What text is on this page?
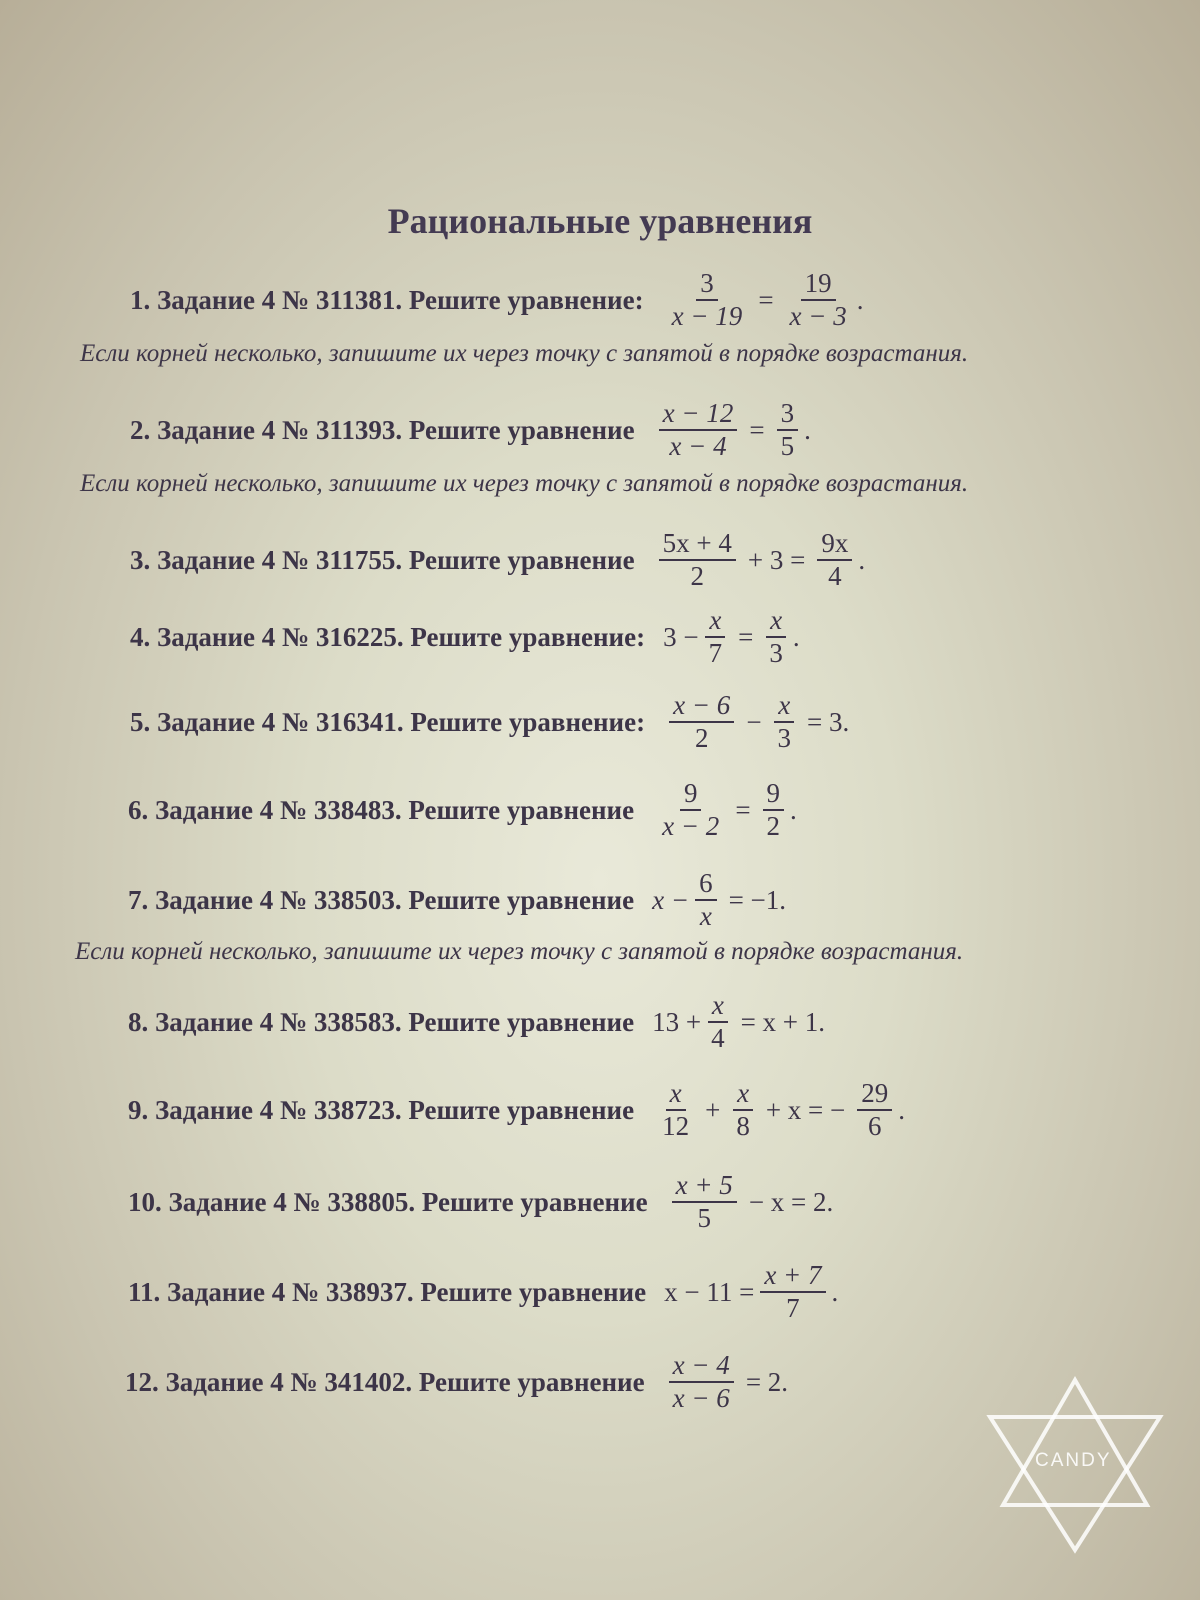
Рациональные уравнения
1. Задание 4 № 311381. Решите уравнение: $\frac{3}{x - 19} = \frac{19}{x - 3}$ .
Если корней несколько, запишите их через точку с запятой в порядке возрастания.
2. Задание 4 № 311393. Решите уравнение $\frac{x - 12}{x - 4} = \frac{3}{5}$ .
Если корней несколько, запишите их через точку с запятой в порядке возрастания.
3. Задание 4 № 311755. Решите уравнение $\frac{5x + 4}{2} + 3 = \frac{9x}{4}$ .
4. Задание 4 № 316225. Решите уравнение: $3 - \frac{x}{7} = \frac{x}{3}$ .
5. Задание 4 № 316341. Решите уравнение: $\frac{x - 6}{2} - \frac{x}{3} = 3$.
6. Задание 4 № 338483. Решите уравнение $\frac{9}{x - 2} = \frac{9}{2}$ .
7. Задание 4 № 338503. Решите уравнение $x - \frac{6}{x} = -1$.
Если корней несколько, запишите их через точку с запятой в порядке возрастания.
8. Задание 4 № 338583. Решите уравнение $13 + \frac{x}{4} = x + 1$.
9. Задание 4 № 338723. Решите уравнение $\frac{x}{12} + \frac{x}{8} + x$ = − $\frac{29}{6}$ .
10. Задание 4 № 338805. Решите уравнение $\frac{x + 5}{5} - x = 2$.
11. Задание 4 № 338937. Решите уравнение $x - 11 = \frac{x + 7}{7}$ .
12. Задание 4 № 341402. Решите уравнение $\frac{x - 4}{x - 6} = 2$.
CANDY
